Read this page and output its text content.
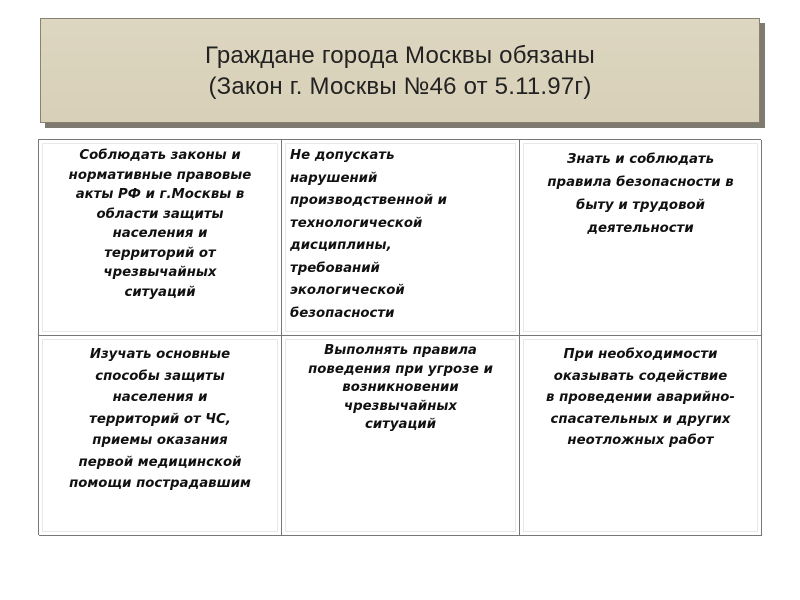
Граждане города Москвы обязаны
(Закон г. Москвы №46 от 5.11.97г)
Соблюдать законы и
нормативные правовые
акты РФ и г.Москвы в
области защиты
населения и
территорий от
чрезвычайных
ситуаций
Не допускать
нарушений
производственной и
технологической
дисциплины,
требований
экологической
безопасности
Знать и соблюдать
правила безопасности в
быту и трудовой
деятельности
Изучать основные
способы защиты
населения и
территорий от ЧС,
приемы оказания
первой медицинской
помощи пострадавшим
Выполнять правила
поведения при угрозе и
возникновении
чрезвычайных
ситуаций
При необходимости
оказывать содействие
в проведении аварийно-
спасательных и других
неотложных работ
